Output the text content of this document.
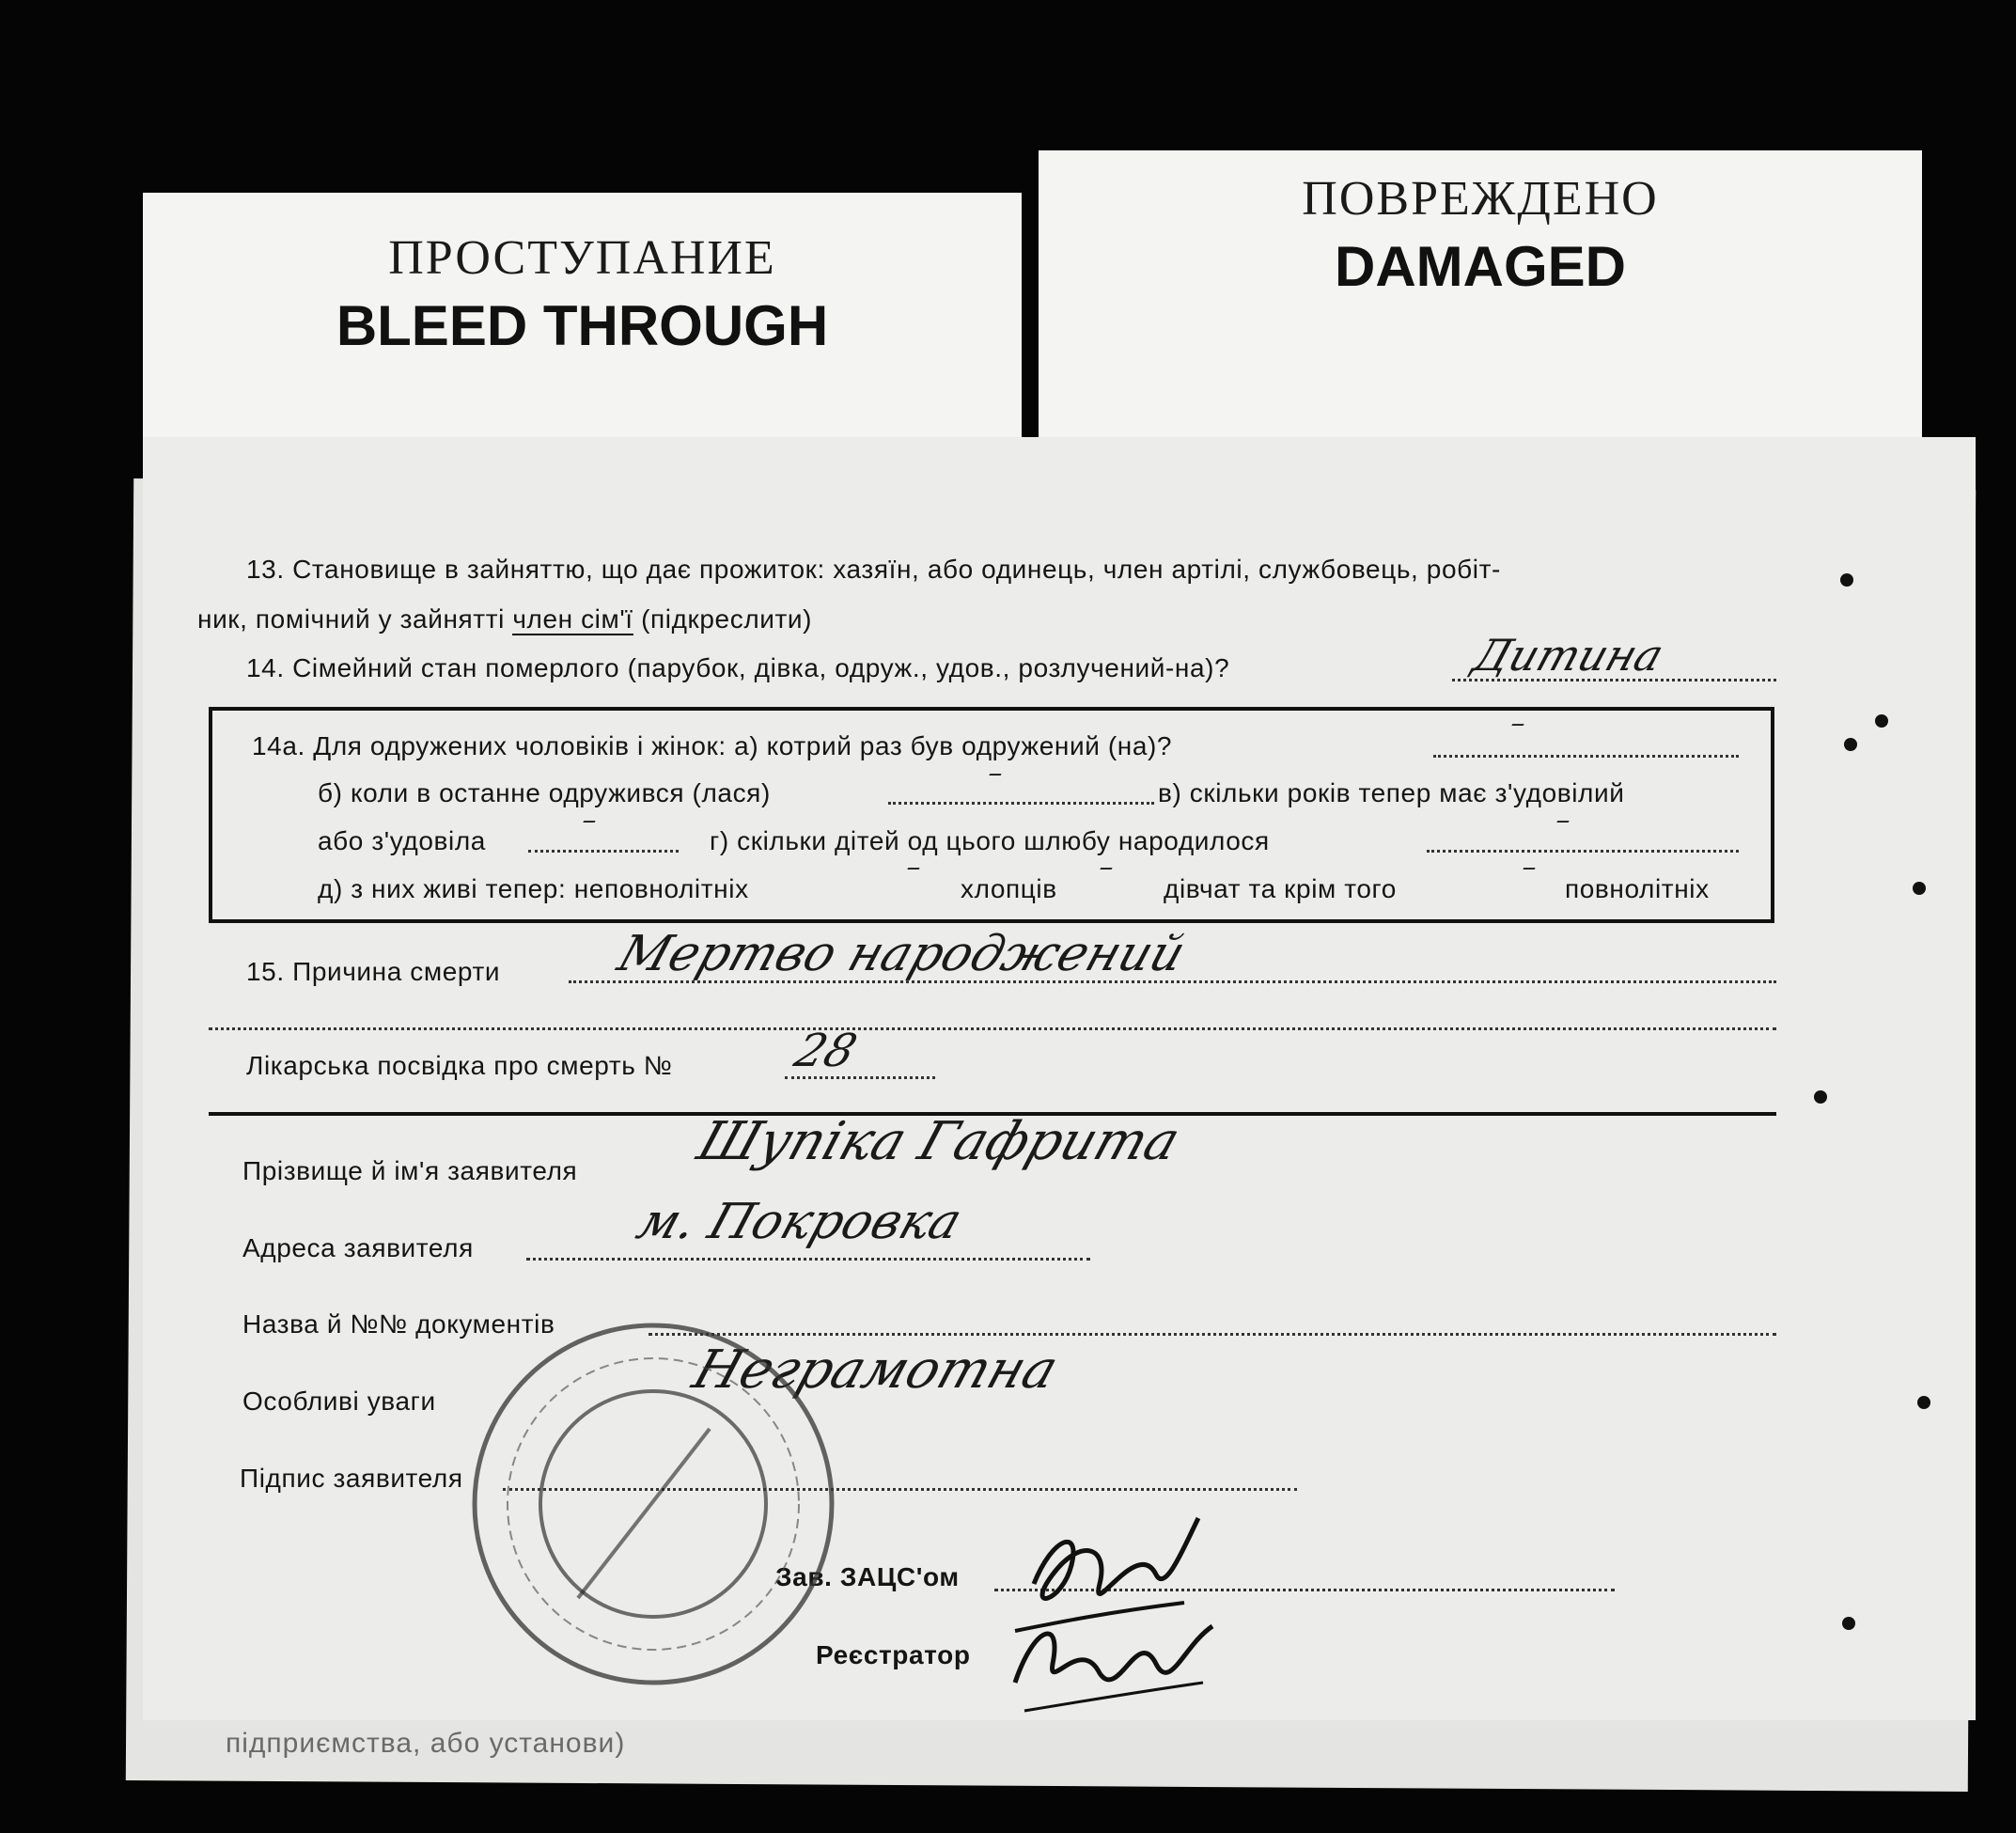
ПРОСТУПАНИЕ
BLEED THROUGH
ПОВРЕЖДЕНО
DAMAGED
підприємства, або установи)
13. Становище в зайняттю, що дає прожиток: хазяїн, або одинець, член артілі, службовець, робіт-
ник, помічний у зайнятті член сім'ї (підкреслити)
14. Сімейний стан померлого (парубок, дівка, одруж., удов., розлучений-на)?	Дитина
14а. Для одружених чоловіків і жінок: а) котрий раз був одружений (на)?
–
б) коли в останне одружився (лася)
–
в) скільки років тепер має з'удовілий
або з'удовіла
–
г) скільки дітей од цього шлюбу народилося
–
д) з них живі тепер: неповнолітніх
–
хлопців
–
дівчат та крім того
–
повнолітніх
15. Причина смерти Мертво народжений
Лікарська посвідка про смерть №	28
Прізвище й ім'я заявителя Шупіка Гафрита
Адреса заявителя	м. Покровка
Назва й №№ документів
Особливі уваги
Неграмотна
Підпис заявителя
Зав. ЗАЦС'ом
Реєстратор
